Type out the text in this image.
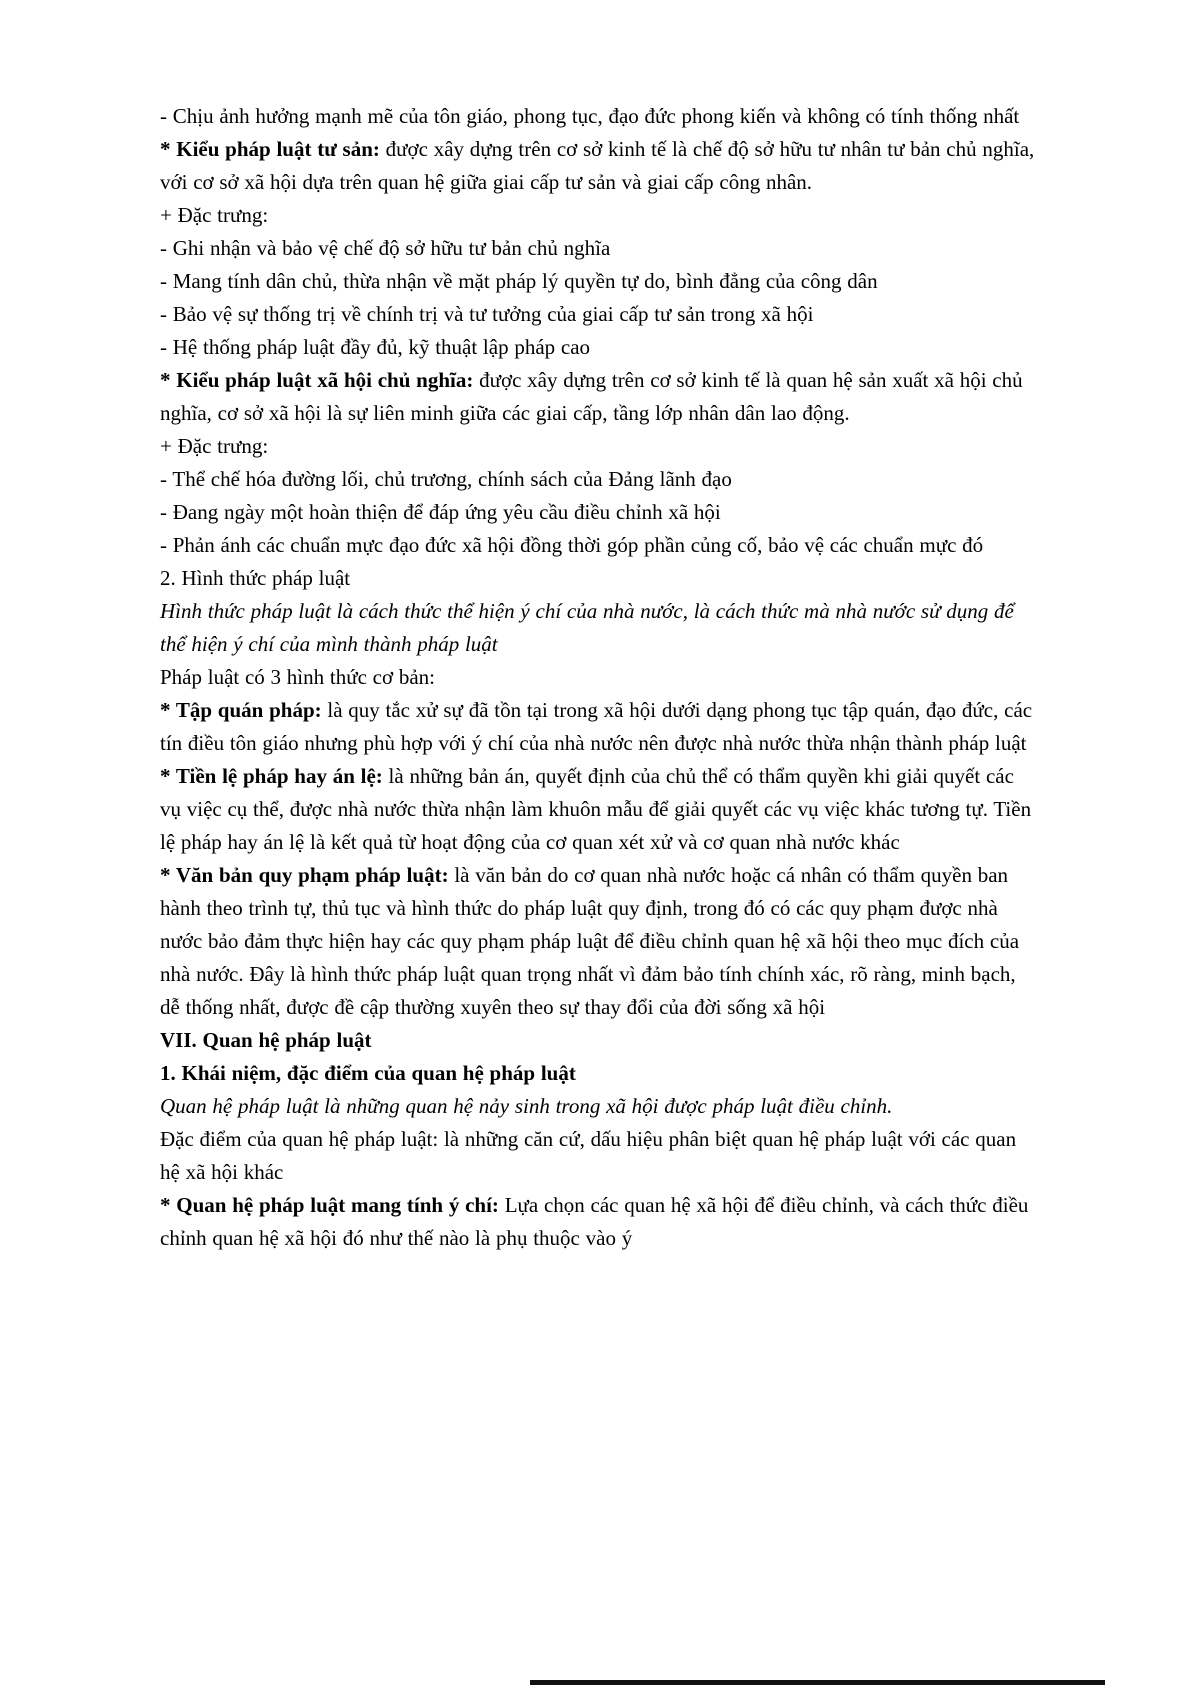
- Chịu ảnh hưởng mạnh mẽ của tôn giáo, phong tục, đạo đức phong kiến và không có tính thống nhất

* Kiểu pháp luật tư sản: được xây dựng trên cơ sở kinh tế là chế độ sở hữu tư nhân tư bản chủ nghĩa, với cơ sở xã hội dựa trên quan hệ giữa giai cấp tư sản và giai cấp công nhân.

+ Đặc trưng:

- Ghi nhận và bảo vệ chế độ sở hữu tư bản chủ nghĩa

- Mang tính dân chủ, thừa nhận về mặt pháp lý quyền tự do, bình đẳng của công dân

- Bảo vệ sự thống trị về chính trị và tư tưởng của giai cấp tư sản trong xã hội

- Hệ thống pháp luật đầy đủ, kỹ thuật lập pháp cao

* Kiểu pháp luật xã hội chủ nghĩa: được xây dựng trên cơ sở kinh tế là quan hệ sản xuất xã hội chủ nghĩa, cơ sở xã hội là sự liên minh giữa các giai cấp, tầng lớp nhân dân lao động.

+ Đặc trưng:

- Thể chế hóa đường lối, chủ trương, chính sách của Đảng lãnh đạo

- Đang ngày một hoàn thiện để đáp ứng yêu cầu điều chỉnh xã hội

- Phản ánh các chuẩn mực đạo đức xã hội đồng thời góp phần củng cố, bảo vệ các chuẩn mực đó

2. Hình thức pháp luật

Hình thức pháp luật là cách thức thể hiện ý chí của nhà nước, là cách thức mà nhà nước sử dụng để thể hiện ý chí của mình thành pháp luật

Pháp luật có 3 hình thức cơ bản:

* Tập quán pháp: là quy tắc xử sự đã tồn tại trong xã hội dưới dạng phong tục tập quán, đạo đức, các tín điều tôn giáo nhưng phù hợp với ý chí của nhà nước nên được nhà nước thừa nhận thành pháp luật

* Tiền lệ pháp hay án lệ: là những bản án, quyết định của chủ thể có thẩm quyền khi giải quyết các vụ việc cụ thể, được nhà nước thừa nhận làm khuôn mẫu để giải quyết các vụ việc khác tương tự. Tiền lệ pháp hay án lệ là kết quả từ hoạt động của cơ quan xét xử và cơ quan nhà nước khác

* Văn bản quy phạm pháp luật: là văn bản do cơ quan nhà nước hoặc cá nhân có thẩm quyền ban hành theo trình tự, thủ tục và hình thức do pháp luật quy định, trong đó có các quy phạm được nhà nước bảo đảm thực hiện hay các quy phạm pháp luật để điều chỉnh quan hệ xã hội theo mục đích của nhà nước. Đây là hình thức pháp luật quan trọng nhất vì đảm bảo tính chính xác, rõ ràng, minh bạch, dễ thống nhất, được đề cập thường xuyên theo sự thay đổi của đời sống xã hội

VII. Quan hệ pháp luật

1. Khái niệm, đặc điểm của quan hệ pháp luật

Quan hệ pháp luật là những quan hệ nảy sinh trong xã hội được pháp luật điều chỉnh.

Đặc điểm của quan hệ pháp luật: là những căn cứ, dấu hiệu phân biệt quan hệ pháp luật với các quan hệ xã hội khác

* Quan hệ pháp luật mang tính ý chí: Lựa chọn các quan hệ xã hội để điều chỉnh, và cách thức điều chỉnh quan hệ xã hội đó như thế nào là phụ thuộc vào ý
